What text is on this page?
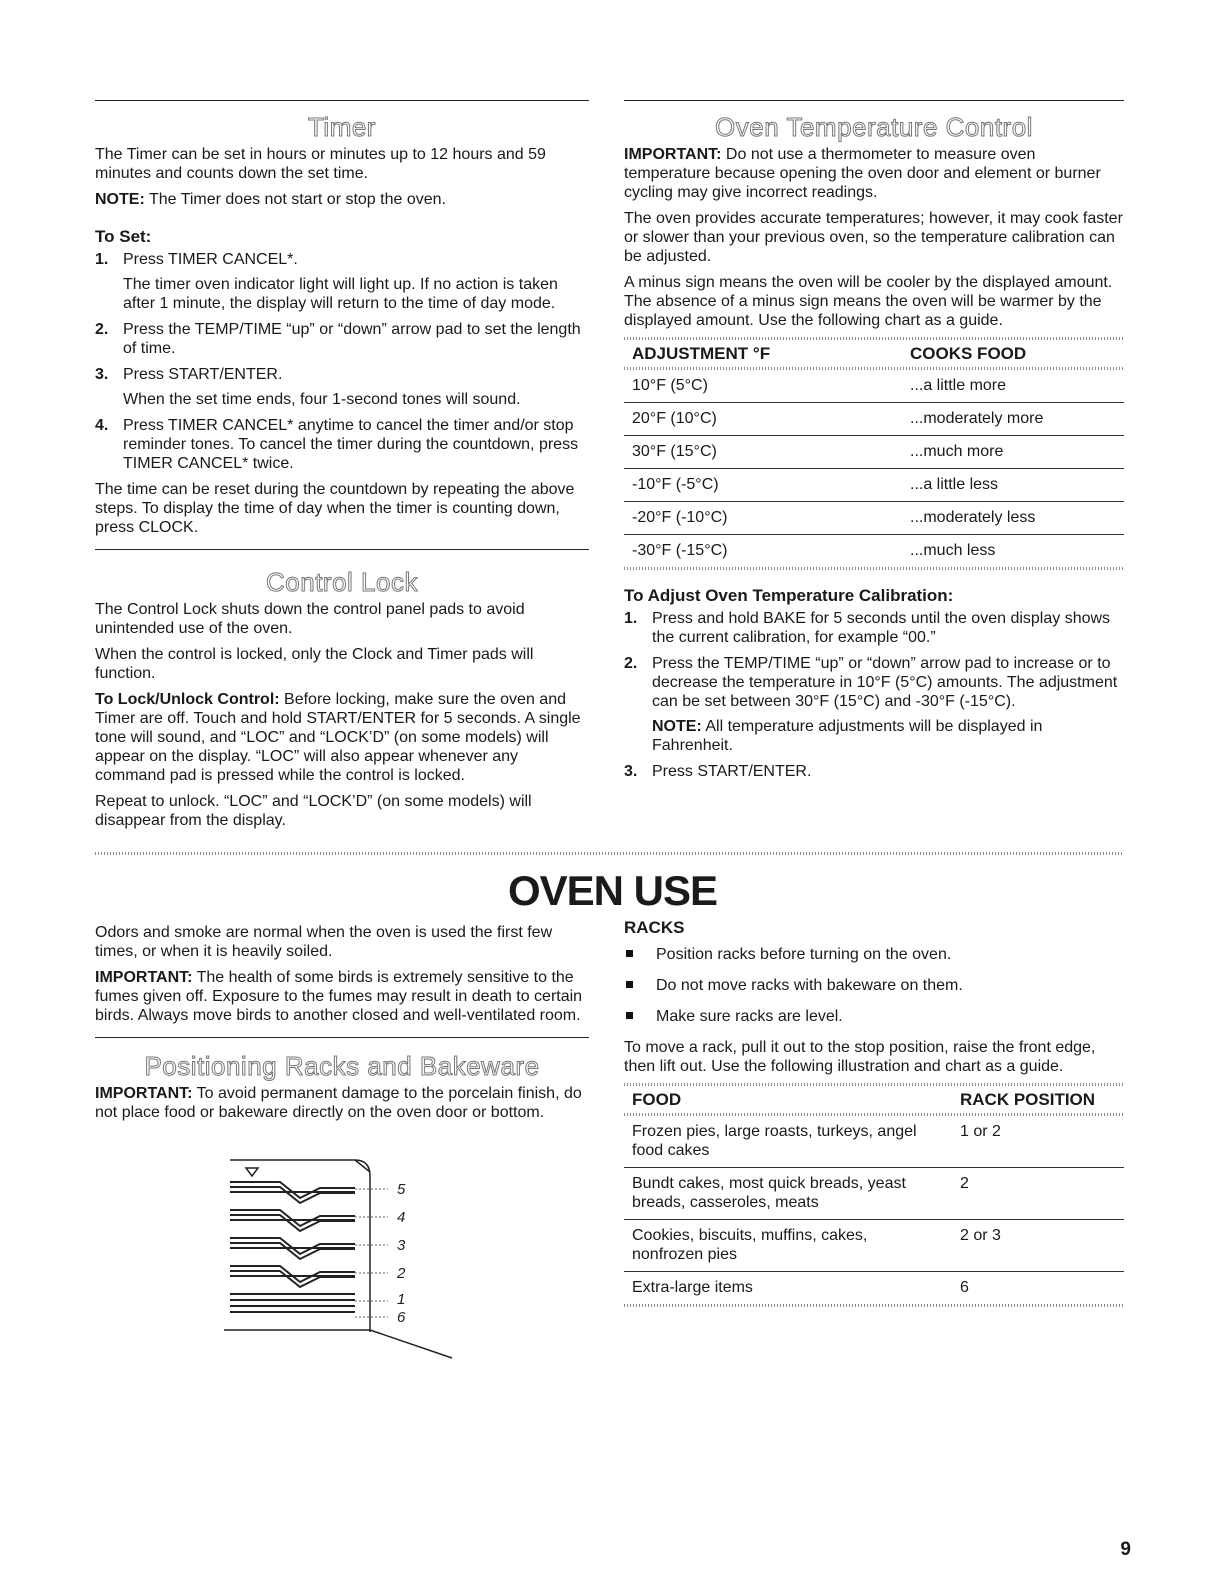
Timer

The Timer can be set in hours or minutes up to 12 hours and 59 minutes and counts down the set time.

NOTE: The Timer does not start or stop the oven.

To Set:
1. Press TIMER CANCEL*.
The timer oven indicator light will light up. If no action is taken after 1 minute, the display will return to the time of day mode.
2. Press the TEMP/TIME “up” or “down” arrow pad to set the length of time.
3. Press START/ENTER.
When the set time ends, four 1-second tones will sound.
4. Press TIMER CANCEL* anytime to cancel the timer and/or stop reminder tones. To cancel the timer during the countdown, press TIMER CANCEL* twice.

The time can be reset during the countdown by repeating the above steps. To display the time of day when the timer is counting down, press CLOCK.

Control Lock

The Control Lock shuts down the control panel pads to avoid unintended use of the oven.

When the control is locked, only the Clock and Timer pads will function.

To Lock/Unlock Control: Before locking, make sure the oven and Timer are off. Touch and hold START/ENTER for 5 seconds. A single tone will sound, and “LOC” and “LOCK’D” (on some models) will appear on the display. “LOC” will also appear whenever any command pad is pressed while the control is locked.

Repeat to unlock. “LOC” and “LOCK’D” (on some models) will disappear from the display.

Oven Temperature Control

IMPORTANT: Do not use a thermometer to measure oven temperature because opening the oven door and element or burner cycling may give incorrect readings.

The oven provides accurate temperatures; however, it may cook faster or slower than your previous oven, so the temperature calibration can be adjusted.

A minus sign means the oven will be cooler by the displayed amount. The absence of a minus sign means the oven will be warmer by the displayed amount. Use the following chart as a guide.

ADJUSTMENT °F	COOKS FOOD
10°F (5°C)	...a little more
20°F (10°C)	...moderately more
30°F (15°C)	...much more
-10°F (-5°C)	...a little less
-20°F (-10°C)	...moderately less
-30°F (-15°C)	...much less
To Adjust Oven Temperature Calibration:
1. Press and hold BAKE for 5 seconds until the oven display shows the current calibration, for example “00.”
2. Press the TEMP/TIME “up” or “down” arrow pad to increase or to decrease the temperature in 10°F (5°C) amounts. The adjustment can be set between 30°F (15°C) and -30°F (-15°C).
NOTE: All temperature adjustments will be displayed in Fahrenheit.
3. Press START/ENTER.
OVEN USE

Odors and smoke are normal when the oven is used the first few times, or when it is heavily soiled.

IMPORTANT: The health of some birds is extremely sensitive to the fumes given off. Exposure to the fumes may result in death to certain birds. Always move birds to another closed and well-ventilated room.

Positioning Racks and Bakeware

IMPORTANT: To avoid permanent damage to the porcelain finish, do not place food or bakeware directly on the oven door or bottom.

5
4
3
2
1
6
RACKS
Position racks before turning on the oven.
Do not move racks with bakeware on them.
Make sure racks are level.

To move a rack, pull it out to the stop position, raise the front edge, then lift out. Use the following illustration and chart as a guide.

FOOD	RACK POSITION
Frozen pies, large roasts, turkeys, angel food cakes	1 or 2
Bundt cakes, most quick breads, yeast breads, casseroles, meats	2
Cookies, biscuits, muffins, cakes, nonfrozen pies	2 or 3
Extra-large items	6
9
